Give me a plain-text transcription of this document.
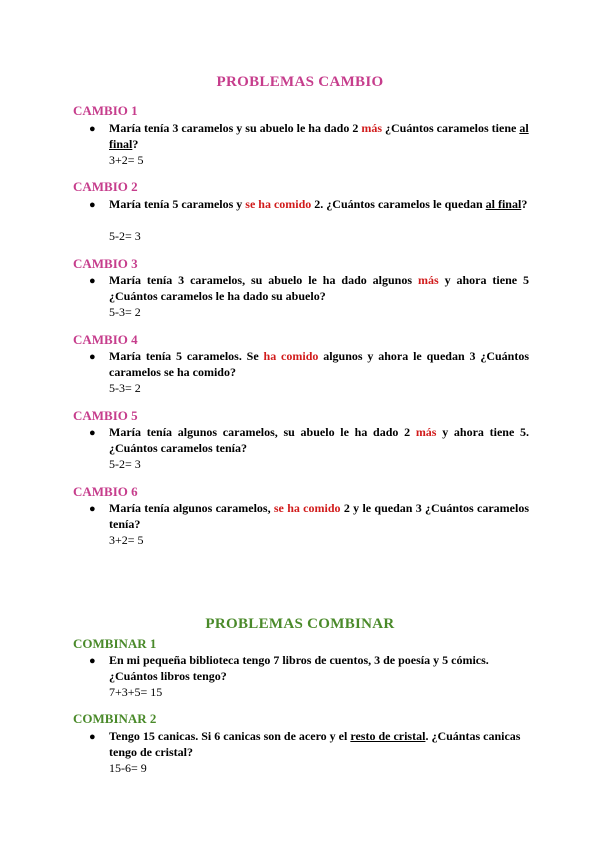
PROBLEMAS CAMBIO
CAMBIO 1
● María tenía 3 caramelos y su abuelo le ha dado 2 más ¿Cuántos caramelos tiene al final?
3+2= 5
CAMBIO 2
● María tenía 5 caramelos y se ha comido 2. ¿Cuántos caramelos le quedan al final?
5-2= 3
CAMBIO 3
● María tenía 3 caramelos, su abuelo le ha dado algunos más y ahora tiene 5 ¿Cuántos caramelos le ha dado su abuelo?
5-3= 2
CAMBIO 4
● María tenía 5 caramelos. Se ha comido algunos y ahora le quedan 3 ¿Cuántos caramelos se ha comido?
5-3= 2
CAMBIO 5
● María tenía algunos caramelos, su abuelo le ha dado 2 más y ahora tiene 5. ¿Cuántos caramelos tenía?
5-2= 3
CAMBIO 6
● María tenía algunos caramelos, se ha comido 2 y le quedan 3 ¿Cuántos caramelos tenía?
3+2= 5
PROBLEMAS COMBINAR
COMBINAR 1
● En mi pequeña biblioteca tengo 7 libros de cuentos, 3 de poesía y 5 cómics. ¿Cuántos libros tengo?
7+3+5= 15
COMBINAR 2
● Tengo 15 canicas. Si 6 canicas son de acero y el resto de cristal. ¿Cuántas canicas tengo de cristal?
15-6= 9
